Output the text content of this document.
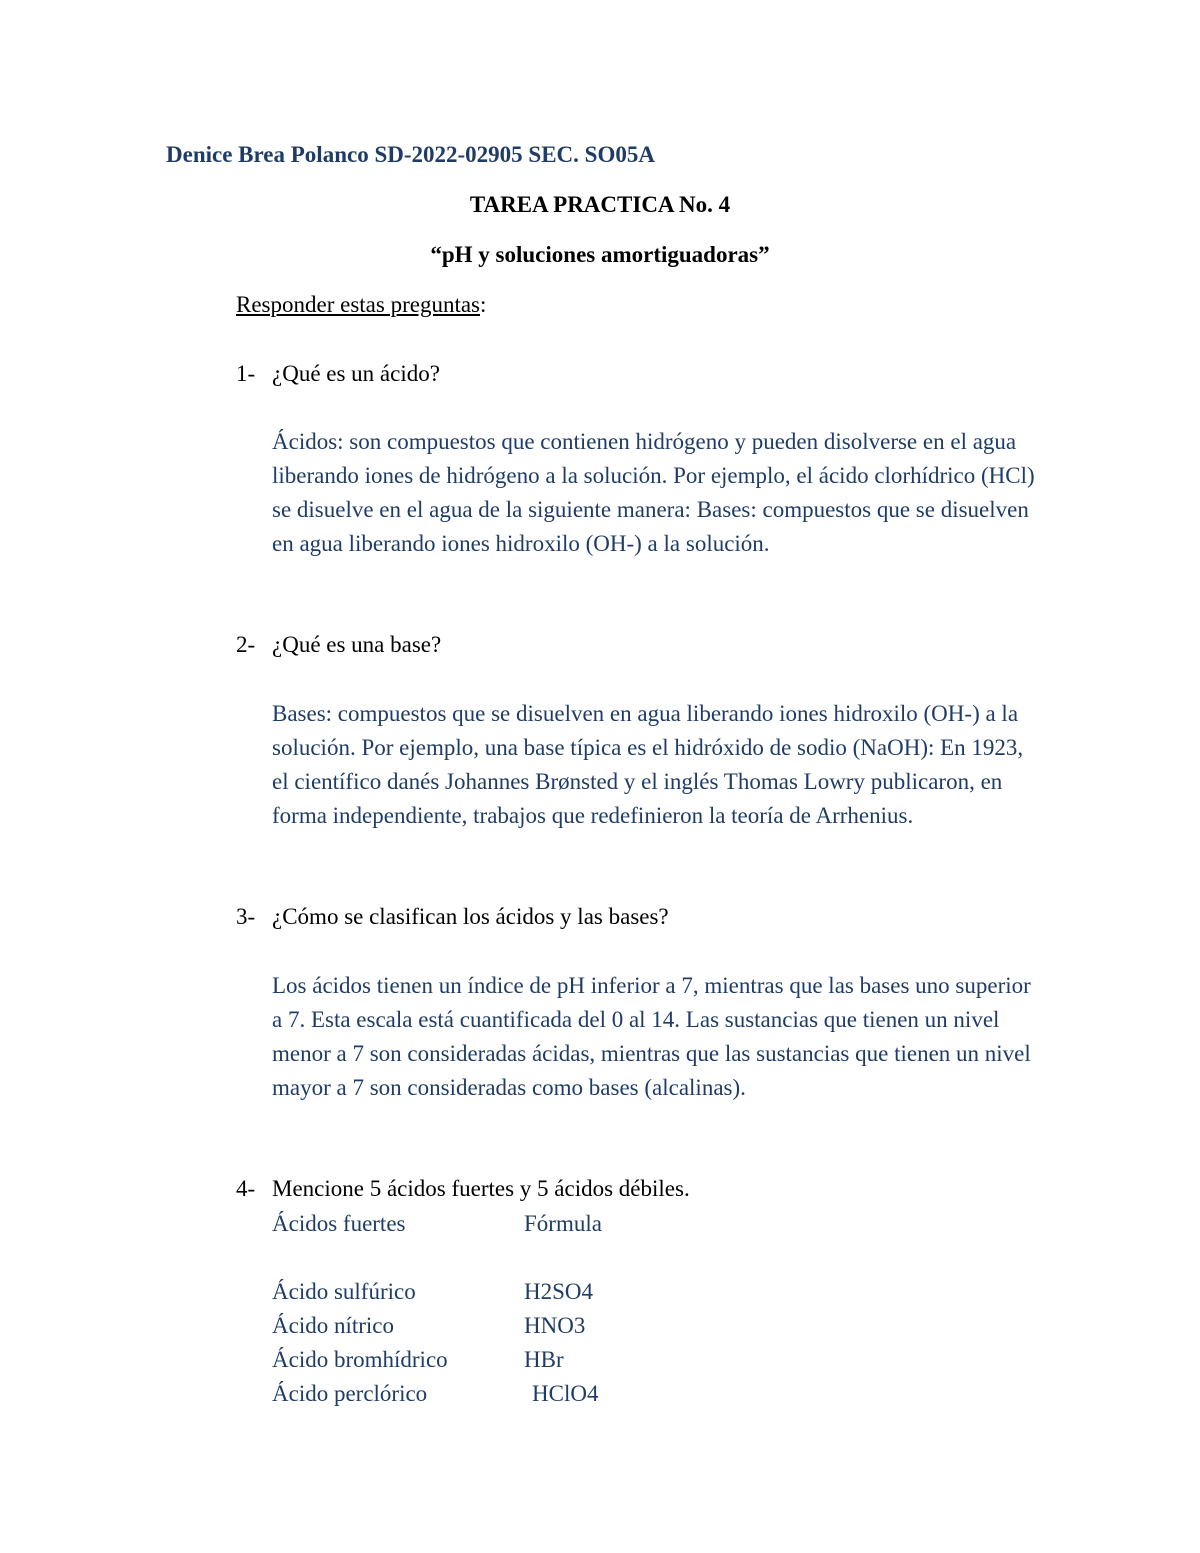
Denice Brea Polanco SD-2022-02905 SEC. SO05A
TAREA PRACTICA No. 4
“pH y soluciones amortiguadoras”
Responder estas preguntas:
1- ¿Qué es un ácido?

Ácidos: son compuestos que contienen hidrógeno y pueden disolverse en el agua liberando iones de hidrógeno a la solución. Por ejemplo, el ácido clorhídrico (HCl) se disuelve en el agua de la siguiente manera: Bases: compuestos que se disuelven en agua liberando iones hidroxilo (OH-) a la solución.

2- ¿Qué es una base?

Bases: compuestos que se disuelven en agua liberando iones hidroxilo (OH-) a la solución. Por ejemplo, una base típica es el hidróxido de sodio (NaOH): En 1923, el científico danés Johannes Brønsted y el inglés Thomas Lowry publicaron, en forma independiente, trabajos que redefinieron la teoría de Arrhenius.

3- ¿Cómo se clasifican los ácidos y las bases?

Los ácidos tienen un índice de pH inferior a 7, mientras que las bases uno superior a 7. Esta escala está cuantificada del 0 al 14. Las sustancias que tienen un nivel menor a 7 son consideradas ácidas, mientras que las sustancias que tienen un nivel mayor a 7 son consideradas como bases (alcalinas).

4- Mencione 5 ácidos fuertes y 5 ácidos débiles.
Ácidos fuertes	Fórmula
Ácido sulfúrico	H2SO4
Ácido nítrico	HNO3
Ácido bromhídrico	HBr
Ácido perclórico	HClO4
